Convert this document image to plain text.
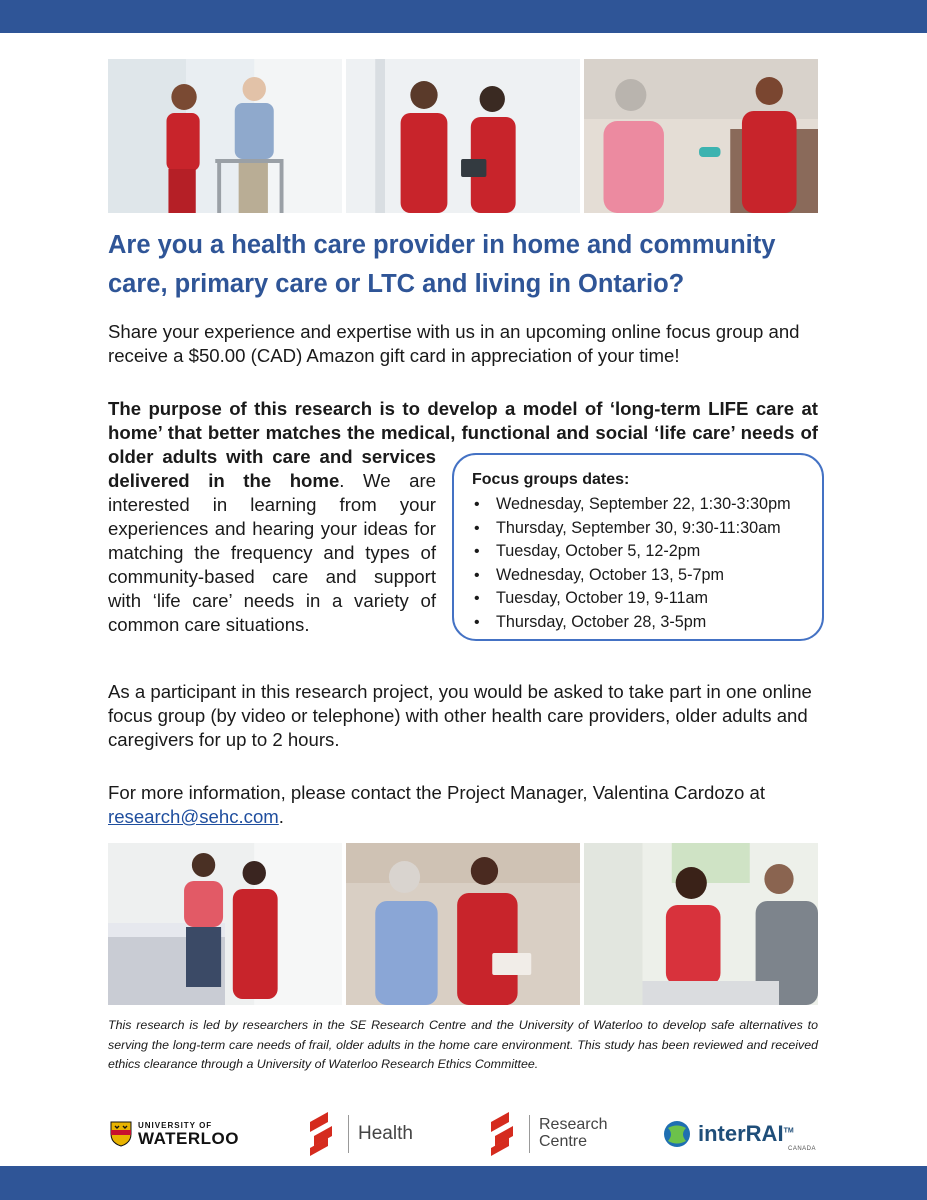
Are you a health care provider in home and community care, primary care or LTC and living in Ontario?

Share your experience and expertise with us in an upcoming online focus group and receive a $50.00 (CAD) Amazon gift card in appreciation of your time!

The purpose of this research is to develop a model of ‘long-term LIFE care at home’ that better matches the medical, functional and social ‘life care’ needs of

older adults with care and services delivered in the home. We are interested in learning from your experiences and hearing your ideas for matching the frequency and types of community-based care and support with ‘life care’ needs in a variety of common care situations.

Focus groups dates:

• Wednesday, September 22, 1:30-3:30pm
• Thursday, September 30, 9:30-11:30am
• Tuesday, October 5, 12-2pm
• Wednesday, October 13, 5-7pm
• Tuesday, October 19, 9-11am
• Thursday, October 28, 3-5pm

As a participant in this research project, you would be asked to take part in one online focus group (by video or telephone) with other health care providers, older adults and caregivers for up to 2 hours.

For more information, please contact the Project Manager, Valentina Cardozo at research@sehc.com.

This research is led by researchers in the SE Research Centre and the University of Waterloo to develop safe alternatives to serving the long-term care needs of frail, older adults in the home care environment. This study has been reviewed and received ethics clearance through a University of Waterloo Research Ethics Committee.

UNIVERSITY OF
WATERLOO	Health	Research
Centre	interRAI™
CANADA
